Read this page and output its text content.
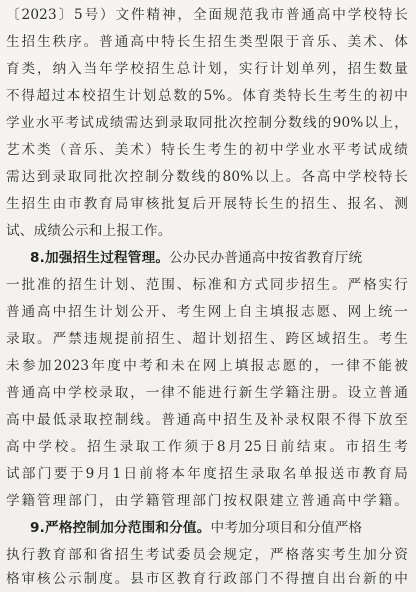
〔2023〕5号）文件精神，全面规范我市普通高中学校特长
生招生秩序。普通高中特长生招生类型限于音乐、美术、体
育类，纳入当年学校招生总计划，实行计划单列，招生数量
不得超过本校招生计划总数的5%。体育类特长生考生的初中
学业水平考试成绩需达到录取同批次控制分数线的90%以上，
艺术类（音乐、美术）特长生考生的初中学业水平考试成绩
需达到录取同批次控制分数线的80%以上。各高中学校特长
生招生由市教育局审核批复后开展特长生的招生、报名、测
试、成绩公示和上报工作。
8.加强招生过程管理。公办民办普通高中按省教育厅统
一批准的招生计划、范围、标准和方式同步招生。严格实行
普通高中招生计划公开、考生网上自主填报志愿、网上统一
录取。严禁违规提前招生、超计划招生、跨区域招生。考生
未参加2023年度中考和未在网上填报志愿的，一律不能被
普通高中学校录取，一律不能进行新生学籍注册。设立普通
高中最低录取控制线。普通高中招生及补录权限不得下放至
高中学校。招生录取工作须于8月25日前结束。市招生考
试部门要于9月1日前将本年度招生录取名单报送市教育局
学籍管理部门，由学籍管理部门按权限建立普通高中学籍。
9.严格控制加分范围和分值。中考加分项目和分值严格
执行教育部和省招生考试委员会规定，严格落实考生加分资
格审核公示制度。县市区教育行政部门不得擅自出台新的中
